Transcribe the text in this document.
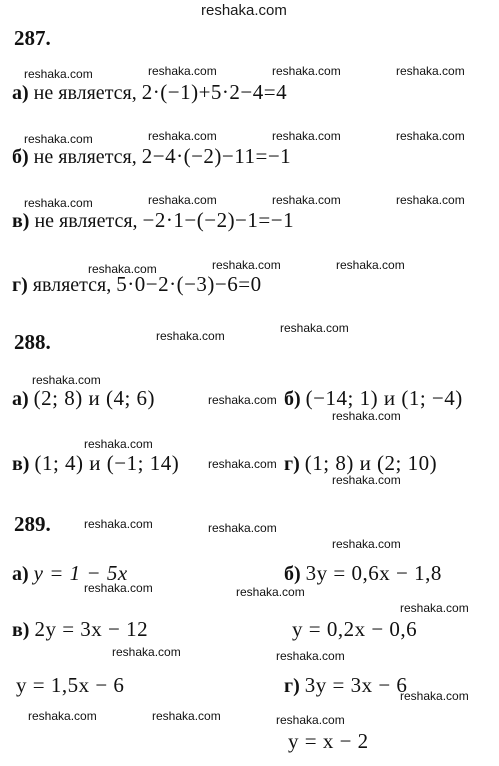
reshaka.com
287.
reshaka.com	reshaka.com	reshaka.com	reshaka.com
а) не является, 2·(−1)+5·2−4=4
reshaka.com	reshaka.com	reshaka.com	reshaka.com
б) не является, 2−4·(−2)−11=−1
reshaka.com	reshaka.com	reshaka.com	reshaka.com
в) не является, −2·1−(−2)−1=−1
reshaka.com	reshaka.com	reshaka.com
г) является, 5·0−2·(−3)−6=0
288.	reshaka.com
reshaka.com
reshaka.com
а) (2; 8) и (4; 6)	reshaka.com б) (−14; 1) и (1; −4)
reshaka.com
reshaka.com
в) (1; 4) и (−1; 14) reshaka.com г) (1; 8) и (2; 10)
reshaka.com
289.	reshaka.com	reshaka.com
reshaka.com
а) y = 1 − 5x
reshaka.com
б) 3y = 0,6x − 1,8
reshaka.com
reshaka.com
в) 2y = 3x − 12	y = 0,2x − 0,6
reshaka.com	reshaka.com
y = 1,5x − 6	г) 3y = 3x − 6
reshaka.com
reshaka.com	reshaka.com	reshaka.com
y = x − 2
